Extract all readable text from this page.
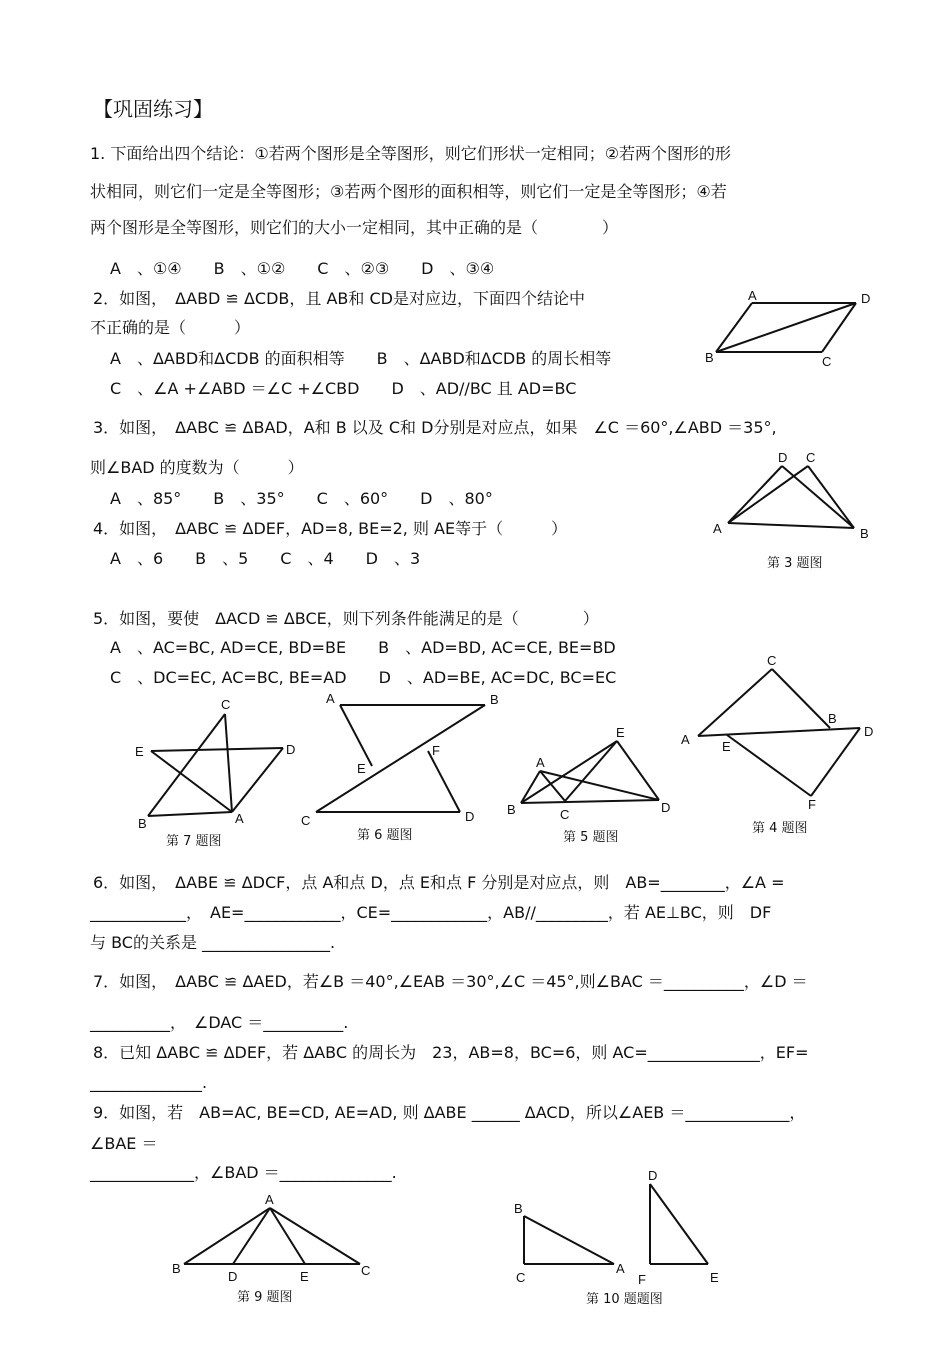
【巩固练习】
1. 下面给出四个结论：①若两个图形是全等图形，则它们形状一定相同；②若两个图形的形
状相同，则它们一定是全等图形；③若两个图形的面积相等，则它们一定是全等图形；④若
两个图形是全等图形，则它们的大小一定相同，其中正确的是（　　　　）
A　、①④　　B　、①②　　C　、②③　　D　、③④
2．如图，　ΔABD ≌ ΔCDB，且 AB和 CD是对应边，下面四个结论中
不正确的是（　　　）
A　、ΔABD和ΔCDB 的面积相等　　B　、ΔABD和ΔCDB 的周长相等
C　、∠A +∠ABD ＝∠C +∠CBD　　D　、AD//BC 且 AD=BC
3．如图，　ΔABC ≌ ΔBAD，A和 B 以及 C和 D分别是对应点，如果　∠C ＝60°,∠ABD ＝35°,
则∠BAD 的度数为（　　　）
A　、85°　　B　、35°　　C　、60°　　D　、80°
4．如图，　ΔABC ≌ ΔDEF，AD=8, BE=2, 则 AE等于（　　　）
A　、6　　B　、5　　C　、4　　D　、3
5．如图，要使　ΔACD ≌ ΔBCE，则下列条件能满足的是（　　　　）
A　、AC=BC, AD=CE, BD=BE　　B　、AD=BD, AC=CE, BE=BD
C　、DC=EC, AC=BC, BE=AD　　D　、AD=BE, AC=DC, BC=EC
6．如图，　ΔABE ≌ ΔDCF，点 A和点 D，点 E和点 F 分别是对应点，则　AB=________，∠A =
____________，　AE=____________，CE=____________，AB//_________，若 AE⊥BC，则　DF
与 BC的关系是 ________________.
7．如图，　ΔABC ≌ ΔAED，若∠B ＝40°,∠EAB ＝30°,∠C ＝45°,则∠BAC ＝__________，∠D ＝
__________，　∠DAC ＝__________.
8．已知 ΔABC ≌ ΔDEF，若 ΔABC 的周长为　23，AB=8，BC=6，则 AC=______________，EF=
______________.
9．如图，若　AB=AC, BE=CD, AE=AD, 则 ΔABE ______ ΔACD，所以∠AEB ＝_____________，
∠BAE ＝
_____________，∠BAD ＝______________.
A	D
B	C
D C
A	B
第 3 题图
C
E	D
B	A
第 7 题图
A	B
F
E
C	D
第 6 题图
E
A
B	C	D
第 5 题图
C
B
A E
D
F
第 4 题图
A
B
D	E	C
第 9 题图
B
C
A
D
F	E
第 10 题题图
